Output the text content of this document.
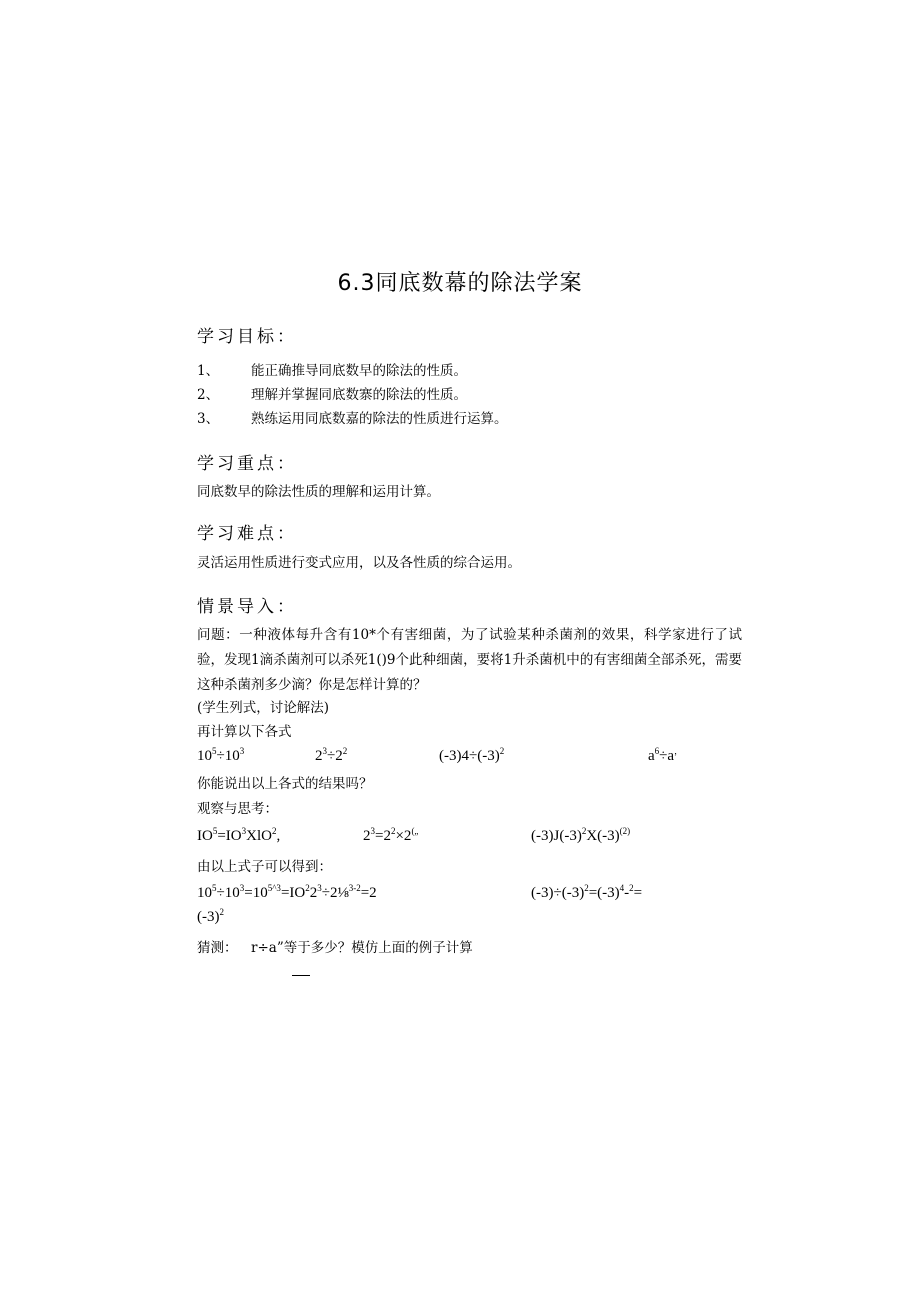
6.3同底数幕的除法学案
学习目标：
1、 能正确推导同底数早的除法的性质。
2、 理解并掌握同底数寨的除法的性质。
3、 熟练运用同底数嘉的除法的性质进行运算。
学习重点：
同底数早的除法性质的理解和运用计算。
学习难点：
灵活运用性质进行变式应用，以及各性质的综合运用。
情景导入：
问题：一种液体每升含有10*个有害细菌，为了试验某种杀菌剂的效果，科学家进行了试验，发现1滴杀菌剂可以杀死1()9个此种细菌，要将1升杀菌机中的有害细菌全部杀死，需要这种杀菌剂多少滴？你是怎样计算的？
(学生列式，讨论解法)
再计算以下各式
$10^5\div 10^3$	$2^3\div 2^2$	$(-3)4\div(-3)^2$	$a^6\div a^,$
你能说出以上各式的结果吗？
观察与思考：
$IO^5=IO^3XlO^2$,	$2^3=2^2\times 2^{(„}$	$(-3)J(-3)^2X(-3)^{(2)}$
由以上式子可以得到：
$10^5\div 10^3=10^{5\^{}3}=IO^22^3\div 2\frac{1}{8}^{3-2}=2$	$(-3)\div(-3)^2=(-3)^4-^2=$
$(-3)^2$
猜测： r÷a”等于多少？模仿上面的例子计算
